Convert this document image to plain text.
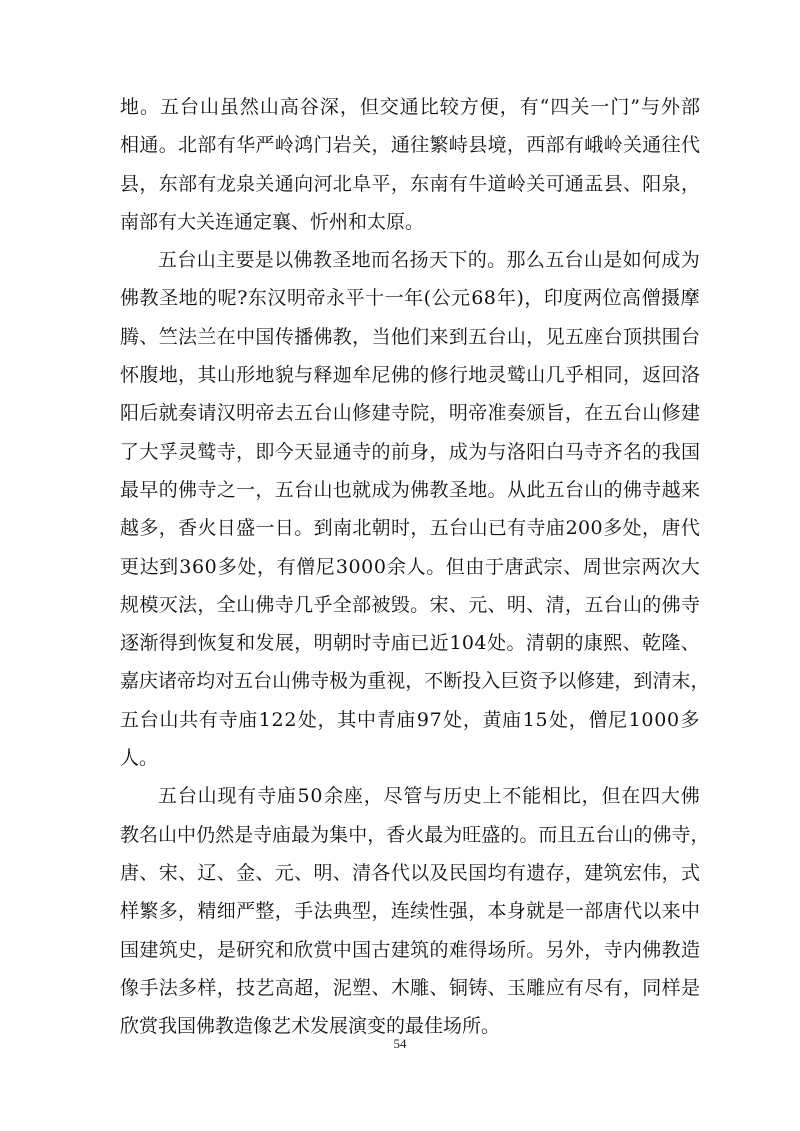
地 。 五 台 山 虽 然 山 高 谷 深 ， 但 交 通 比 较 方 便 ， 有 “ 四 关 一 门 ” 与 外 部
相 通 。 北 部 有 华 严 岭 鸿 门 岩 关 ， 通 往 繁 峙 县 境 ， 西 部 有 峨 岭 关 通 往 代
县 ， 东 部 有 龙 泉 关 通 向 河 北 阜 平 ， 东 南 有 牛 道 岭 关 可 通 盂 县 、 阳 泉 ，
南部有大关连通定襄、忻州和太原。
五 台 山 主 要 是 以 佛 教 圣 地 而 名 扬 天 下 的 。 那 么 五 台 山 是 如 何 成 为
佛 教 圣 地 的 呢 ? 东 汉 明 帝 永 平 十 一 年 ( 公 元 6 8 年 ) ， 印 度 两 位 高 僧 摄 摩
腾 、 竺 法 兰 在 中 国 传 播 佛 教 ， 当 他 们 来 到 五 台 山 ， 见 五 座 台 顶 拱 围 台
怀 腹 地 ， 其 山 形 地 貌 与 释 迦 牟 尼 佛 的 修 行 地 灵 鹫 山 几 乎 相 同 ， 返 回 洛
阳 后 就 奏 请 汉 明 帝 去 五 台 山 修 建 寺 院 ， 明 帝 准 奏 颁 旨 ， 在 五 台 山 修 建
了 大 孚 灵 鹫 寺 ， 即 今 天 显 通 寺 的 前 身 ， 成 为 与 洛 阳 白 马 寺 齐 名 的 我 国
最 早 的 佛 寺 之 一 ， 五 台 山 也 就 成 为 佛 教 圣 地 。 从 此 五 台 山 的 佛 寺 越 来
越 多 ， 香 火 日 盛 一 日 。 到 南 北 朝 时 ， 五 台 山 已 有 寺 庙 2 0 0 多 处 ， 唐 代
更 达 到 3 6 0 多 处 ， 有 僧 尼 3 0 0 0 余 人 。 但 由 于 唐 武 宗 、 周 世 宗 两 次 大
规 模 灭 法 ， 全 山 佛 寺 几 乎 全 部 被 毁 。 宋 、 元 、 明 、 清 ， 五 台 山 的 佛 寺
逐 渐 得 到 恢 复 和 发 展 ， 明 朝 时 寺 庙 已 近 1 0 4 处 。 清 朝 的 康 熙 、 乾 隆 、
嘉 庆 诸 帝 均 对 五 台 山 佛 寺 极 为 重 视 ， 不 断 投 入 巨 资 予 以 修 建 ， 到 清 末 ，
五 台 山 共 有 寺 庙 1 2 2 处 ， 其 中 青 庙 9 7 处 ， 黄 庙 1 5 处 ， 僧 尼 1 0 0 0 多
人。
五 台 山 现 有 寺 庙 5 0 余 座 ， 尽 管 与 历 史 上 不 能 相 比 ， 但 在 四 大 佛
教 名 山 中 仍 然 是 寺 庙 最 为 集 中 ， 香 火 最 为 旺 盛 的 。 而 且 五 台 山 的 佛 寺 ，
唐 、 宋 、 辽 、 金 、 元 、 明 、 清 各 代 以 及 民 国 均 有 遗 存 ， 建 筑 宏 伟 ， 式
样 繁 多 ， 精 细 严 整 ， 手 法 典 型 ， 连 续 性 强 ， 本 身 就 是 一 部 唐 代 以 来 中
国 建 筑 史 ， 是 研 究 和 欣 赏 中 国 古 建 筑 的 难 得 场 所 。 另 外 ， 寺 内 佛 教 造
像 手 法 多 样 ， 技 艺 高 超 ， 泥 塑 、 木 雕 、 铜 铸 、 玉 雕 应 有 尽 有 ， 同 样 是
欣赏我国佛教造像艺术发展演变的最佳场所。
54
